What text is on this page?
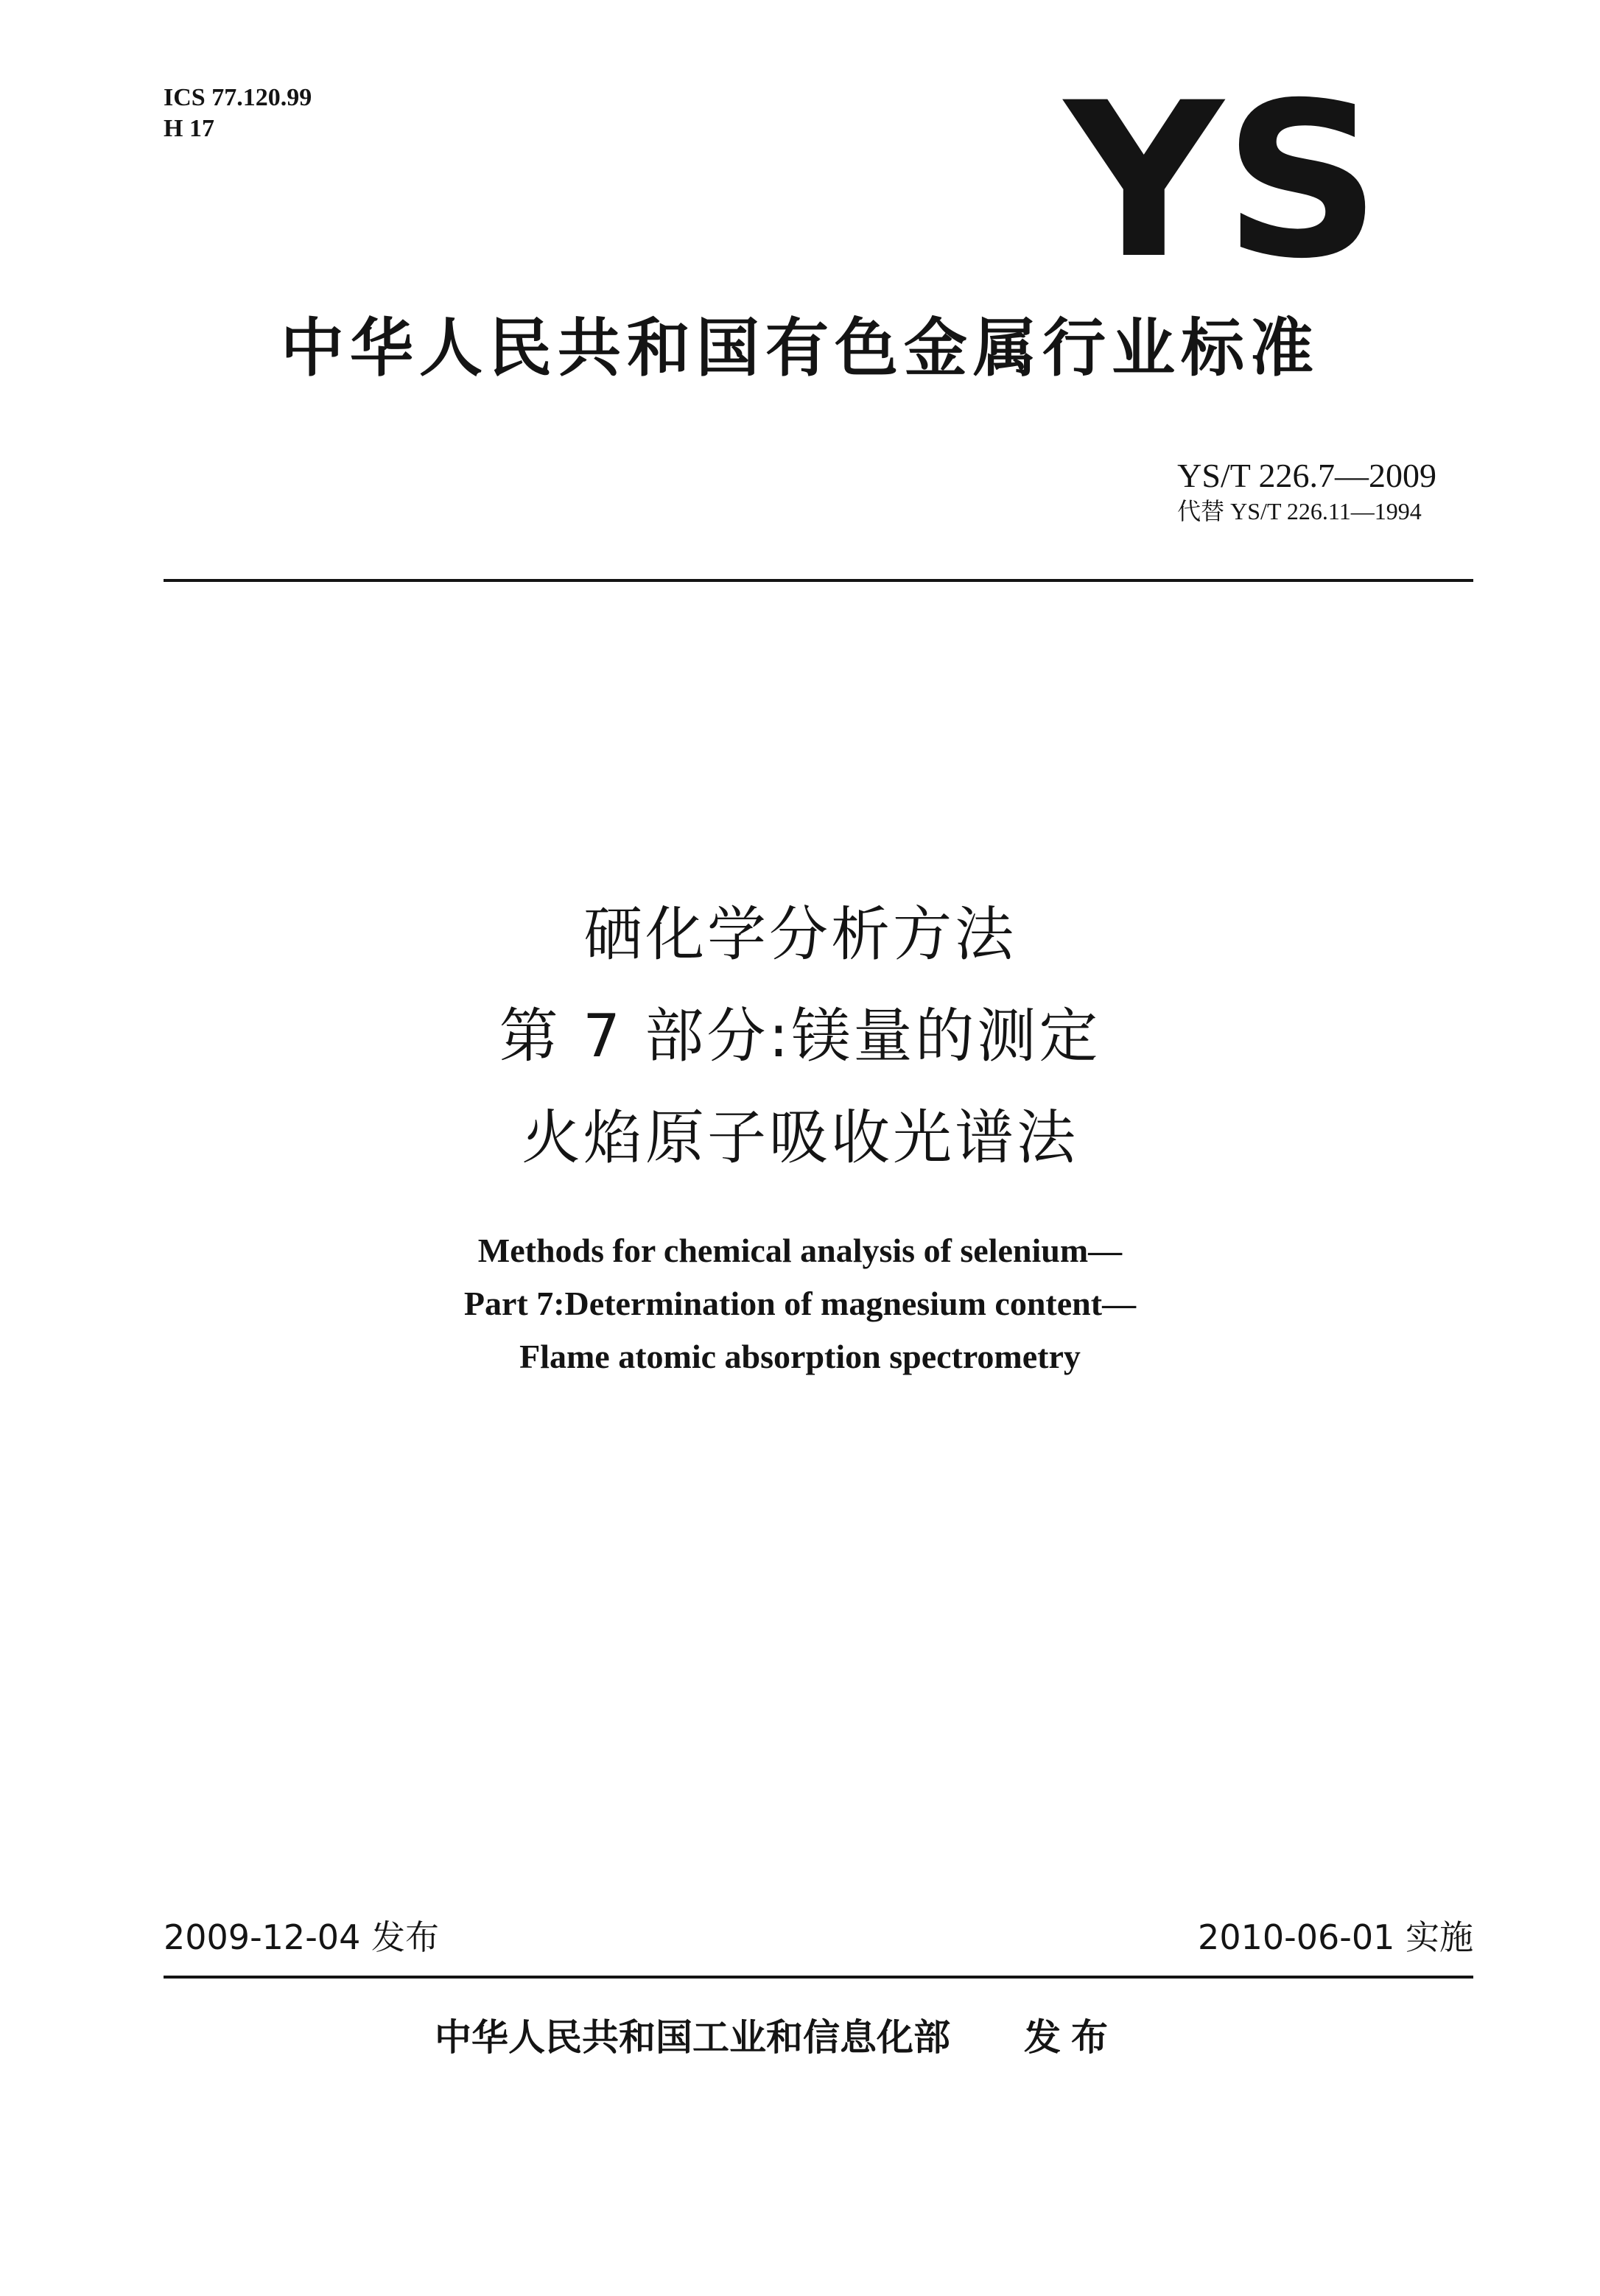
ICS 77.120.99
H 17	YS
中华人民共和国有色金属行业标准
YS/T 226.7—2009
代替 YS/T 226.11—1994
硒化学分析方法
第 7 部分:镁量的测定
火焰原子吸收光谱法
Methods for chemical analysis of selenium—
Part 7:Determination of magnesium content—
Flame atomic absorption spectrometry
2009-12-04 发布	2010-06-01 实施
中华人民共和国工业和信息化部 发布
